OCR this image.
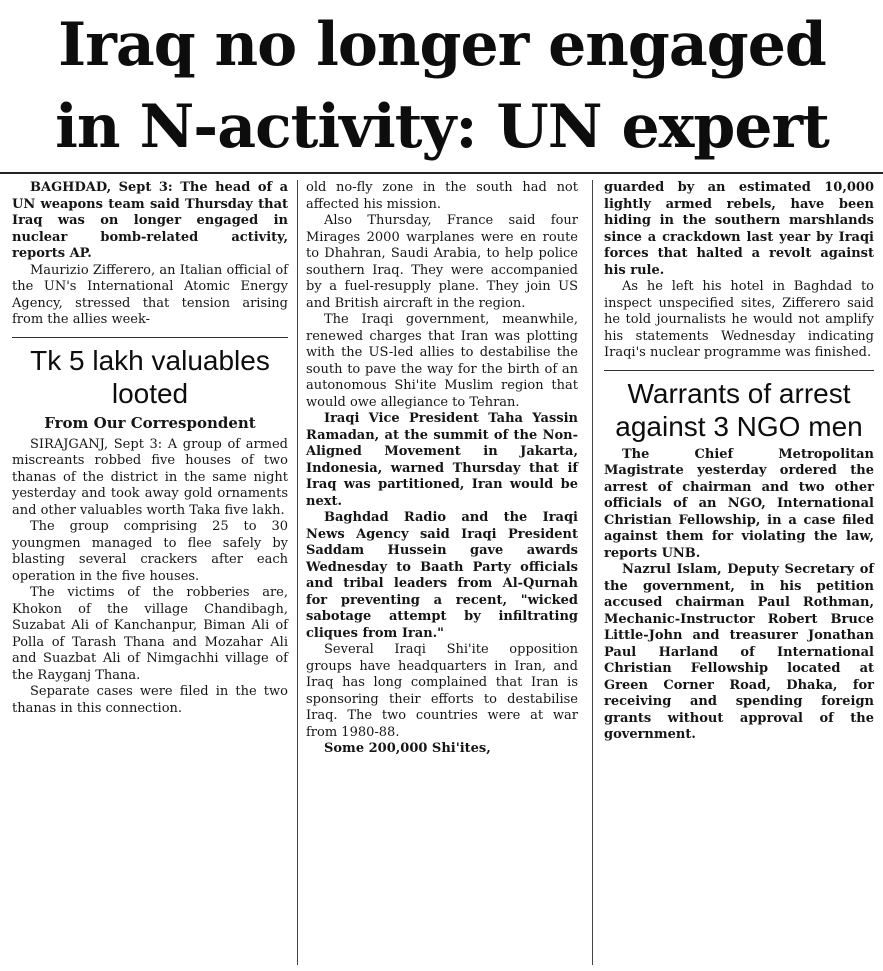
Iraq no longer engaged
in N-activity: UN expert

BAGHDAD, Sept 3: The head of a UN weapons team said Thursday that Iraq was on longer engaged in nuclear bomb-related activity, reports AP.

Maurizio Zifferero, an Italian official of the UN's International Atomic Energy Agency, stressed that tension arising from the allies week-

Tk 5 lakh valuables looted
From Our Correspondent

SIRAJGANJ, Sept 3: A group of armed miscreants robbed five houses of two thanas of the district in the same night yesterday and took away gold ornaments and other valuables worth Taka five lakh.

The group comprising 25 to 30 youngmen managed to flee safely by blasting several crackers after each operation in the five houses.

The victims of the robberies are, Khokon of the village Chandibagh, Suzabat Ali of Kanchanpur, Biman Ali of Polla of Tarash Thana and Mozahar Ali and Suazbat Ali of Nimgachhi village of the Rayganj Thana.

Separate cases were filed in the two thanas in this connection.

old no-fly zone in the south had not affected his mission.

Also Thursday, France said four Mirages 2000 warplanes were en route to Dhahran, Saudi Arabia, to help police southern Iraq. They were accompanied by a fuel-resupply plane. They join US and British aircraft in the region.

The Iraqi government, meanwhile, renewed charges that Iran was plotting with the US-led allies to destabilise the south to pave the way for the birth of an autonomous Shi'ite Muslim region that would owe allegiance to Tehran.

Iraqi Vice President Taha Yassin Ramadan, at the summit of the Non-Aligned Movement in Jakarta, Indonesia, warned Thursday that if Iraq was partitioned, Iran would be next.

Baghdad Radio and the Iraqi News Agency said Iraqi President Saddam Hussein gave awards Wednesday to Baath Party officials and tribal leaders from Al-Qurnah for preventing a recent, "wicked sabotage attempt by infiltrating cliques from Iran."

Several Iraqi Shi'ite opposition groups have headquarters in Iran, and Iraq has long complained that Iran is sponsoring their efforts to destabilise Iraq. The two countries were at war from 1980-88.

Some 200,000 Shi'ites,

guarded by an estimated 10,000 lightly armed rebels, have been hiding in the southern marshlands since a crackdown last year by Iraqi forces that halted a revolt against his rule.

As he left his hotel in Baghdad to inspect unspecified sites, Zifferero said he told journalists he would not amplify his statements Wednesday indicating Iraqi's nuclear programme was finished.

Warrants of arrest against 3 NGO men

The Chief Metropolitan Magistrate yesterday ordered the arrest of chairman and two other officials of an NGO, International Christian Fellowship, in a case filed against them for violating the law, reports UNB.

Nazrul Islam, Deputy Secretary of the government, in his petition accused chairman Paul Rothman, Mechanic-Instructor Robert Bruce Little-John and treasurer Jonathan Paul Harland of International Christian Fellowship located at Green Corner Road, Dhaka, for receiving and spending foreign grants without approval of the government.
